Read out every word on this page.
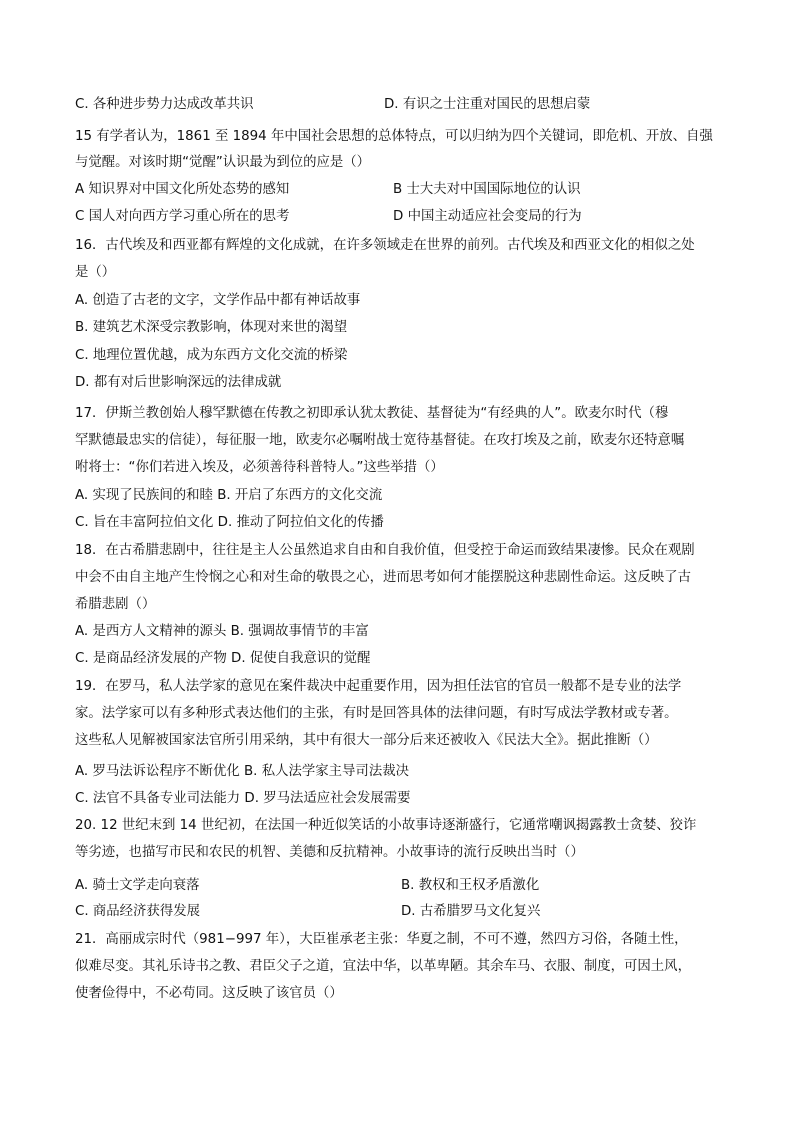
C. 各种进步势力达成改革共识	D. 有识之士注重对国民的思想启蒙
15 有学者认为，1861 至 1894 年中国社会思想的总体特点，可以归纳为四个关键词，即危机、开放、自强
与觉醒。对该时期“觉醒”认识最为到位的应是（）
A 知识界对中国文化所处态势的感知	B 士大夫对中国国际地位的认识
C 国人对向西方学习重心所在的思考	D 中国主动适应社会变局的行为
16．古代埃及和西亚都有辉煌的文化成就，在许多领域走在世界的前列。古代埃及和西亚文化的相似之处
是（）
A. 创造了古老的文字，文学作品中都有神话故事
B. 建筑艺术深受宗教影响，体现对来世的渴望
C. 地理位置优越，成为东西方文化交流的桥梁
D. 都有对后世影响深远的法律成就
17．伊斯兰教创始人穆罕默德在传教之初即承认犹太教徒、基督徒为“有经典的人”。欧麦尔时代（穆
罕默德最忠实的信徒），每征服一地，欧麦尔必嘱咐战士宽待基督徒。在攻打埃及之前，欧麦尔还特意嘱
咐将士：“你们若进入埃及，必须善待科普特人。”这些举措（）
A. 实现了民族间的和睦 B. 开启了东西方的文化交流
C. 旨在丰富阿拉伯文化 D. 推动了阿拉伯文化的传播
18．在古希腊悲剧中，往往是主人公虽然追求自由和自我价值，但受控于命运而致结果凄惨。民众在观剧
中会不由自主地产生怜悯之心和对生命的敬畏之心，进而思考如何才能摆脱这种悲剧性命运。这反映了古
希腊悲剧（）
A. 是西方人文精神的源头 B. 强调故事情节的丰富
C. 是商品经济发展的产物 D. 促使自我意识的觉醒
19．在罗马，私人法学家的意见在案件裁决中起重要作用，因为担任法官的官员一般都不是专业的法学
家。法学家可以有多种形式表达他们的主张，有时是回答具体的法律问题，有时写成法学教材或专著。
这些私人见解被国家法官所引用采纳，其中有很大一部分后来还被收入《民法大全》。据此推断（）
A. 罗马法诉讼程序不断优化 B. 私人法学家主导司法裁决
C. 法官不具备专业司法能力 D. 罗马法适应社会发展需要
20. 12 世纪末到 14 世纪初，在法国一种近似笑话的小故事诗逐渐盛行，它通常嘲讽揭露教士贪婪、狡诈
等劣迹，也描写市民和农民的机智、美德和反抗精神。小故事诗的流行反映出当时（）
A. 骑士文学走向衰落	B. 教权和王权矛盾激化
C. 商品经济获得发展	D. 古希腊罗马文化复兴
21．高丽成宗时代（981−997 年），大臣崔承老主张：华夏之制，不可不遵，然四方习俗，各随土性，
似难尽变。其礼乐诗书之教、君臣父子之道，宜法中华，以革卑陋。其余车马、衣服、制度，可因土风，
使奢俭得中，不必苟同。这反映了该官员（）
